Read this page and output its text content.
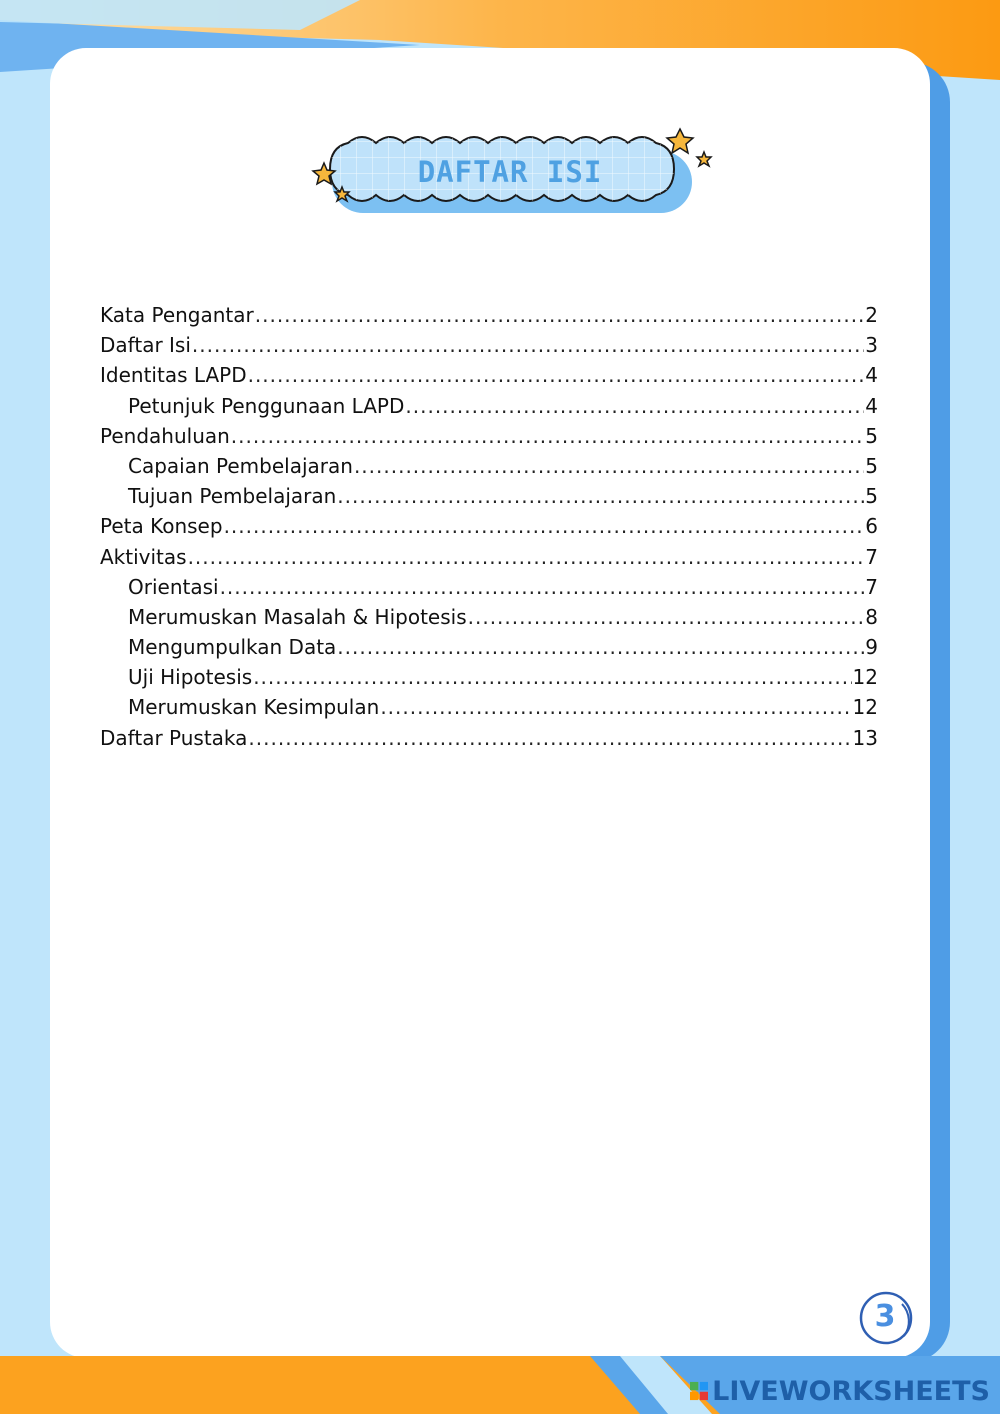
DAFTAR ISI
Kata Pengantar .....	2
Daftar Isi .....	3
Identitas LAPD .....	4
Petunjuk Penggunaan LAPD .....	4
Pendahuluan .....	5
Capaian Pembelajaran .....	5
Tujuan Pembelajaran .....	5
Peta Konsep .....	6
Aktivitas .....	7
Orientasi .....	7
Merumuskan Masalah & Hipotesis .....	8
Mengumpulkan Data .....	9
Uji Hipotesis .....	12
Merumuskan Kesimpulan .....	12
Daftar Pustaka .....	13
3
LIVEWORKSHEETS
